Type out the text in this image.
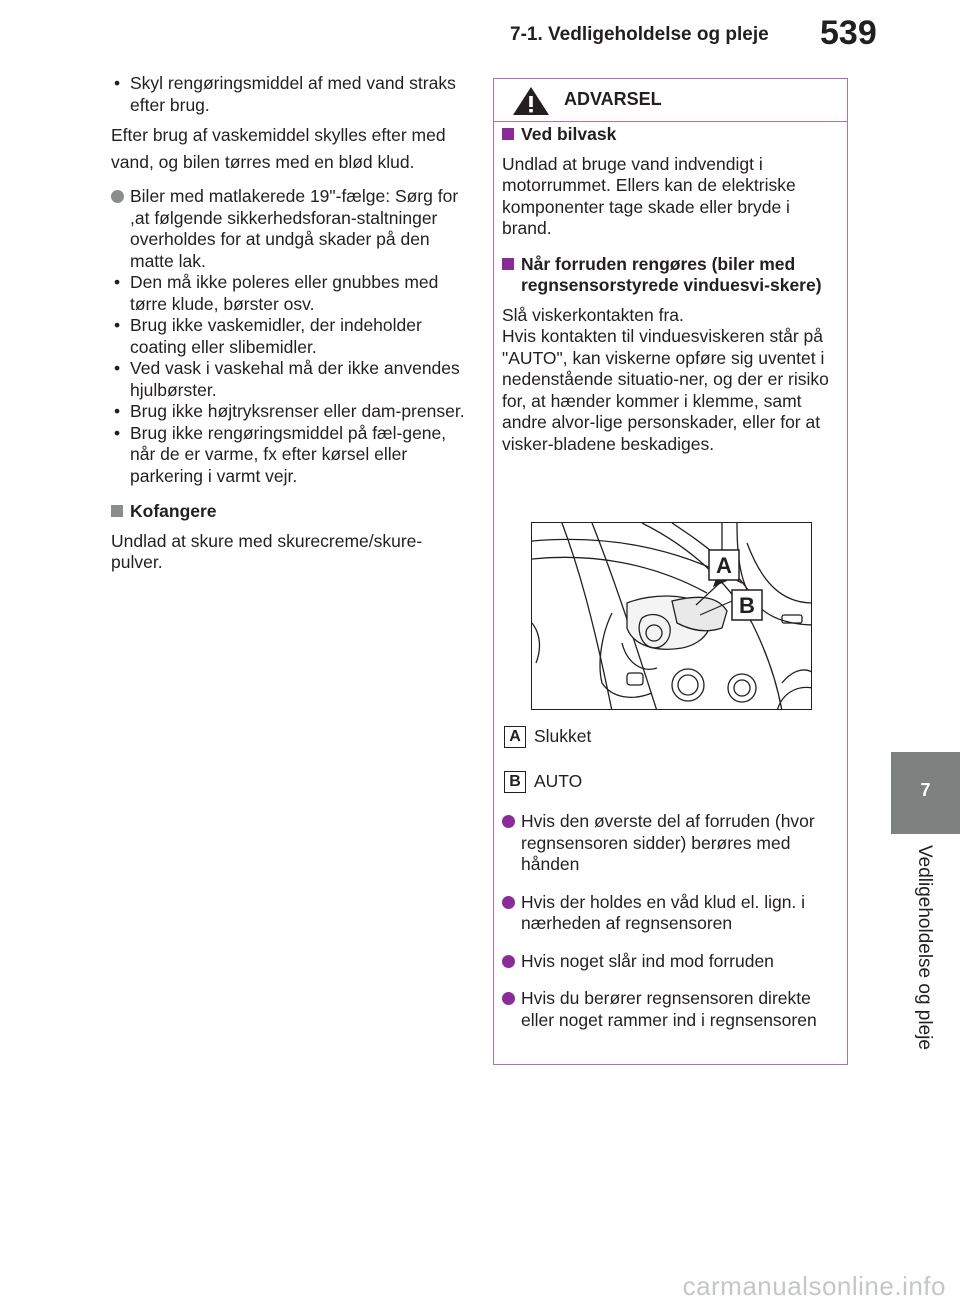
7-1. Vedligeholdelse og pleje 539
7
Vedligeholdelse og pleje

• Skyl rengøringsmiddel af med vand straks efter brug.

Efter brug af vaskemiddel skylles efter med vand, og bilen tørres med en blød klud.

Biler med matlakerede 19"-fælge: Sørg for ,at følgende sikkerhedsforan-staltninger overholdes for at undgå skader på den matte lak.

• Den må ikke poleres eller gnubbes med tørre klude, børster osv.

• Brug ikke vaskemidler, der indeholder coating eller slibemidler.

• Ved vask i vaskehal må der ikke anvendes hjulbørster.

• Brug ikke højtryksrenser eller dam-prenser.

• Brug ikke rengøringsmiddel på fæl-gene, når de er varme, fx efter kørsel eller parkering i varmt vejr.

Kofangere

Undlad at skure med skurecreme/skure-pulver.

ADVARSEL

Ved bilvask

Undlad at bruge vand indvendigt i motorrummet. Ellers kan de elektriske komponenter tage skade eller bryde i brand.

Når forruden rengøres (biler med regnsensorstyrede vinduesvi-skere)

Slå viskerkontakten fra.

Hvis kontakten til vinduesviskeren står på "AUTO", kan viskerne opføre sig uventet i nedenstående situatio-ner, og der er risiko for, at hænder kommer i klemme, samt andre alvor-lige personskader, eller for at visker-bladene beskadiges.

A
B
A Slukket
B AUTO
Hvis den øverste del af forruden (hvor regnsensoren sidder) berøres med hånden
Hvis der holdes en våd klud el. lign. i nærheden af regnsensoren
Hvis noget slår ind mod forruden
Hvis du berører regnsensoren direkte eller noget rammer ind i regnsensoren
carmanualsonline.info
